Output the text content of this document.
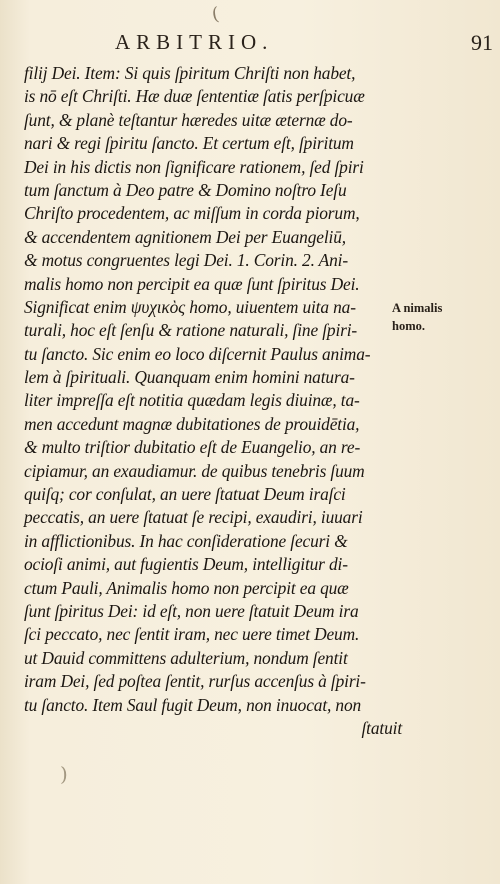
(
ARBITRIO.	91
filij Dei. Item: Si quis ſpiritum Chriſti non habet,
is nō eſt Chriſti. Hæ duæ ſententiæ ſatis perſpicuæ
ſunt, & planè teſtantur hæredes uitæ æternæ do-
nari & regi ſpiritu ſancto. Et certum eſt, ſpiritum
Dei in his dictis non ſignificare rationem, ſed ſpiri
tum ſanctum à Deo patre & Domino noſtro Ieſu
Chriſto procedentem, ac miſſum in corda piorum,
& accendentem agnitionem Dei per Euangeliū,
& motus congruentes legi Dei. 1. Corin. 2. Ani-
malis homo non percipit ea quæ ſunt ſpiritus Dei.
Significat enim ψυχικὸς homo, uiuentem uita na-
turali, hoc eſt ſenſu & ratione naturali, ſine ſpiri-
tu ſancto. Sic enim eo loco diſcernit Paulus anima-
lem à ſpirituali. Quanquam enim homini natura-
liter impreſſa eſt notitia quædam legis diuinæ, ta-
men accedunt magnæ dubitationes de prouidētia,
& multo triſtior dubitatio eſt de Euangelio, an re-
cipiamur, an exaudiamur. de quibus tenebris ſuum
quiſq; cor conſulat, an uere ſtatuat Deum iraſci
peccatis, an uere ſtatuat ſe recipi, exaudiri, iuuari
in afflictionibus. In hac conſideratione ſecuri &
ocioſi animi, aut fugientis Deum, intelligitur di-
ctum Pauli, Animalis homo non percipit ea quæ
ſunt ſpiritus Dei: id eſt, non uere ſtatuit Deum ira
ſci peccato, nec ſentit iram, nec uere timet Deum.
ut Dauid committens adulterium, nondum ſentit
iram Dei, ſed poſtea ſentit, rurſus accenſus à ſpiri-
tu ſancto. Item Saul fugit Deum, non inuocat, non
ſtatuit
A nimalis
homo.
)
